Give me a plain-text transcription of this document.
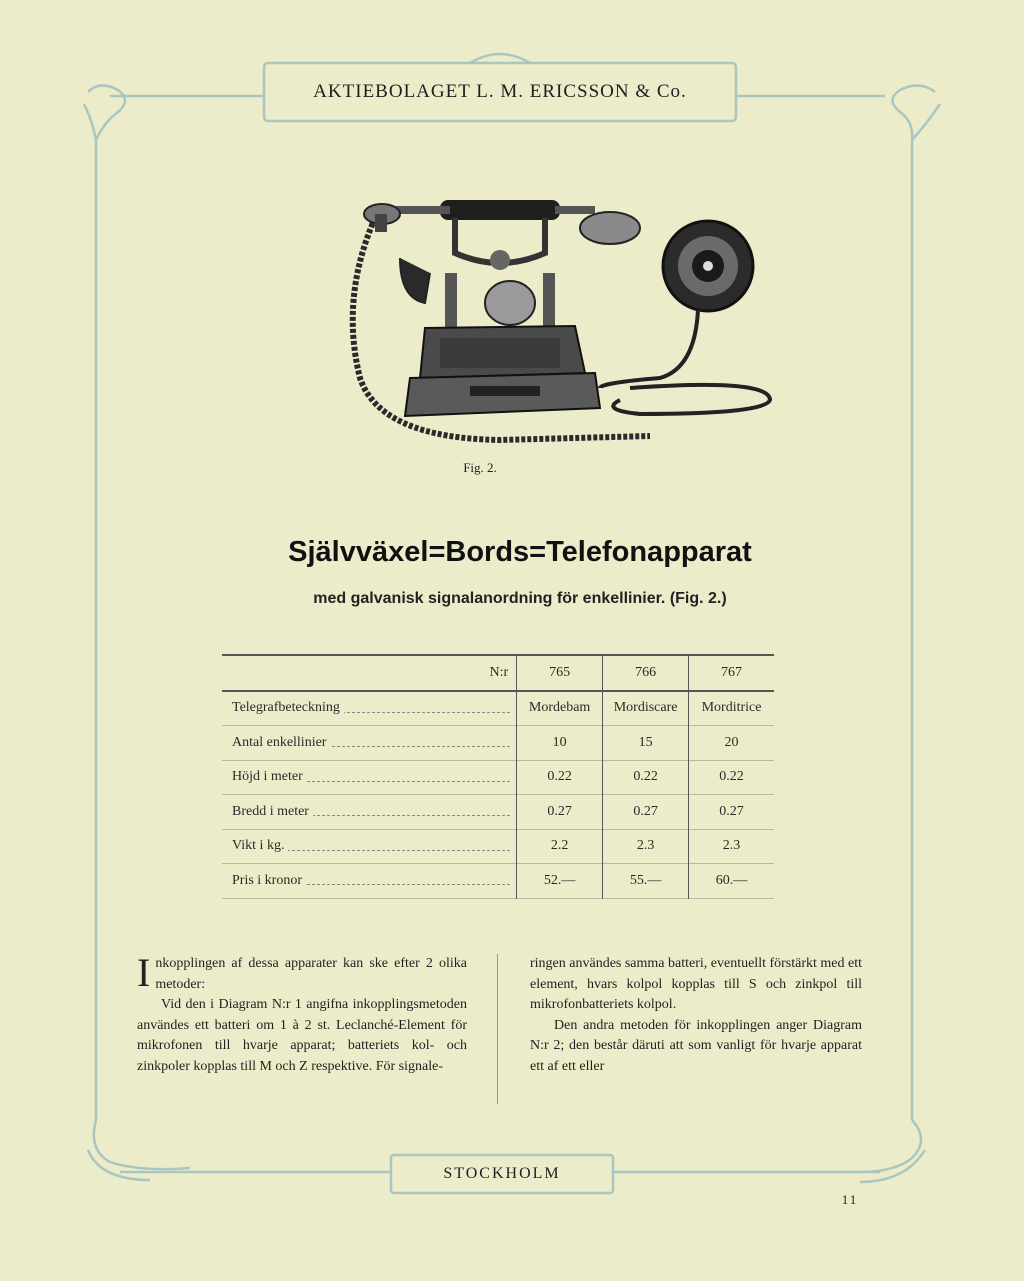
AKTIEBOLAGET L. M. ERICSSON & Co.
Fig. 2.
Självväxel=Bords=Telefonapparat
med galvanisk signalanordning för enkellinier. (Fig. 2.)
N:r	765	766	767

Telegrafbeteckning	Mordebam	Mordiscare	Morditrice

Antal enkellinier	10	15	20

Höjd i meter	0.22	0.22	0.22

Bredd i meter	0.27	0.27	0.27

Vikt i kg.	2.2	2.3	2.3

Pris i kronor	52.—	55.—	60.—
I nkopplingen af dessa apparater kan ske efter 2 olika metoder:
Vid den i Diagram N:r 1 angifna inkopplingsmetoden användes ett batteri om 1 à 2 st. Leclanché-Element för mikrofonen till hvarje apparat; batteriets kol- och zinkpoler kopplas till M och Z respektive. För signale-
ringen användes samma batteri, eventuellt förstärkt med ett element, hvars kolpol kopplas till S och zinkpol till mikrofonbatteriets kolpol.
Den andra metoden för inkopplingen anger Diagram N:r 2; den består däruti att som vanligt för hvarje apparat ett af ett eller
STOCKHOLM
11
